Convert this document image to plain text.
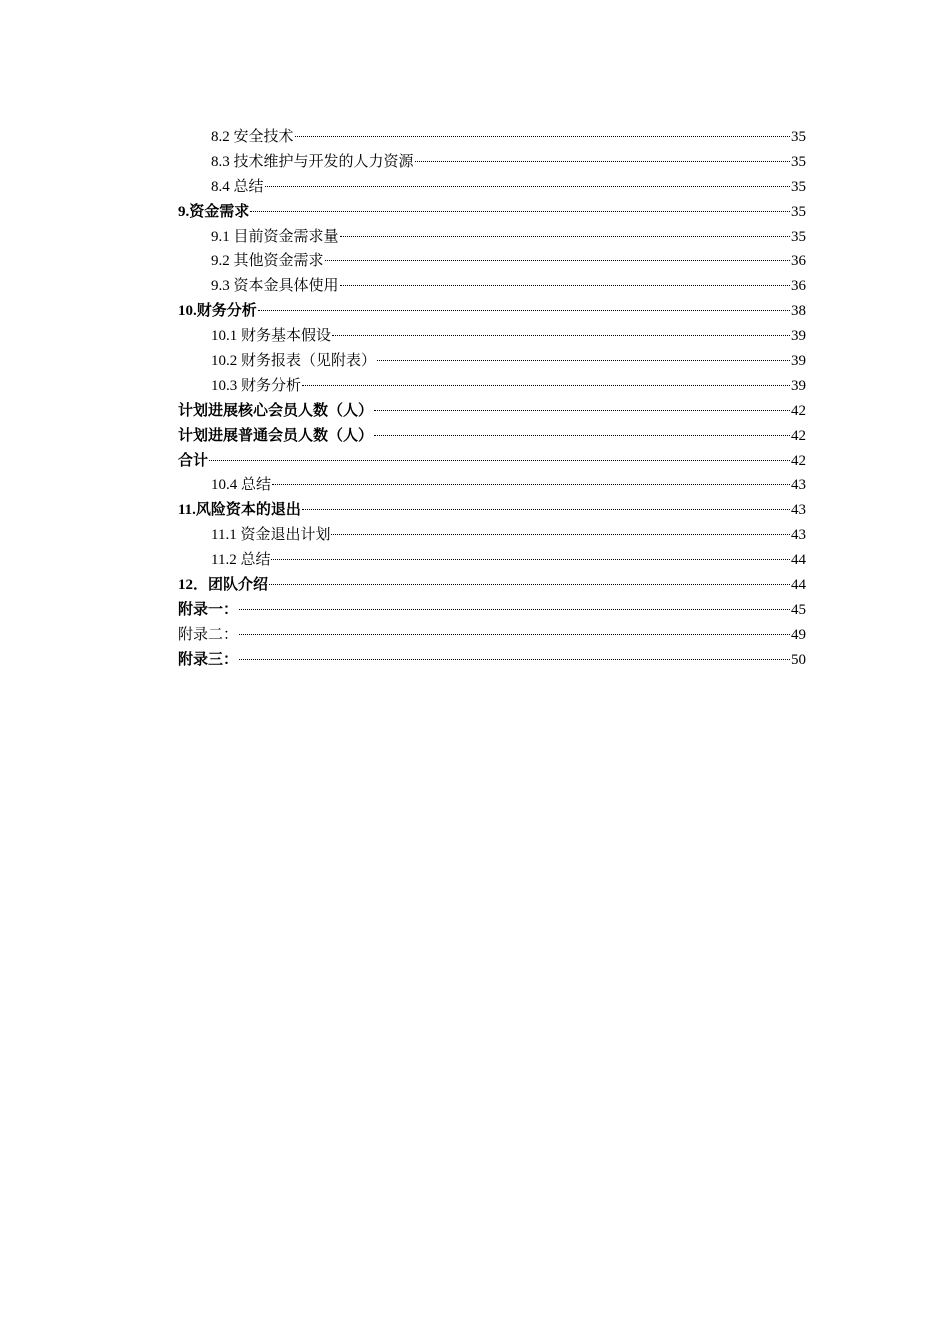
8.2 安全技术	35
8.3 技术维护与开发的人力资源	35
8.4 总结	35
9.资金需求	35
9.1 目前资金需求量	35
9.2 其他资金需求	36
9.3 资本金具体使用	36
10.财务分析	38
10.1 财务基本假设	39
10.2 财务报表（见附表）	39
10.3 财务分析	39
计划进展核心会员人数（人）	42
计划进展普通会员人数（人）	42
合计	42
10.4 总结	43
11.风险资本的退出	43
11.1 资金退出计划	43
11.2 总结	44
12．团队介绍	44
附录一：	45
附录二：	49
附录三：	50
